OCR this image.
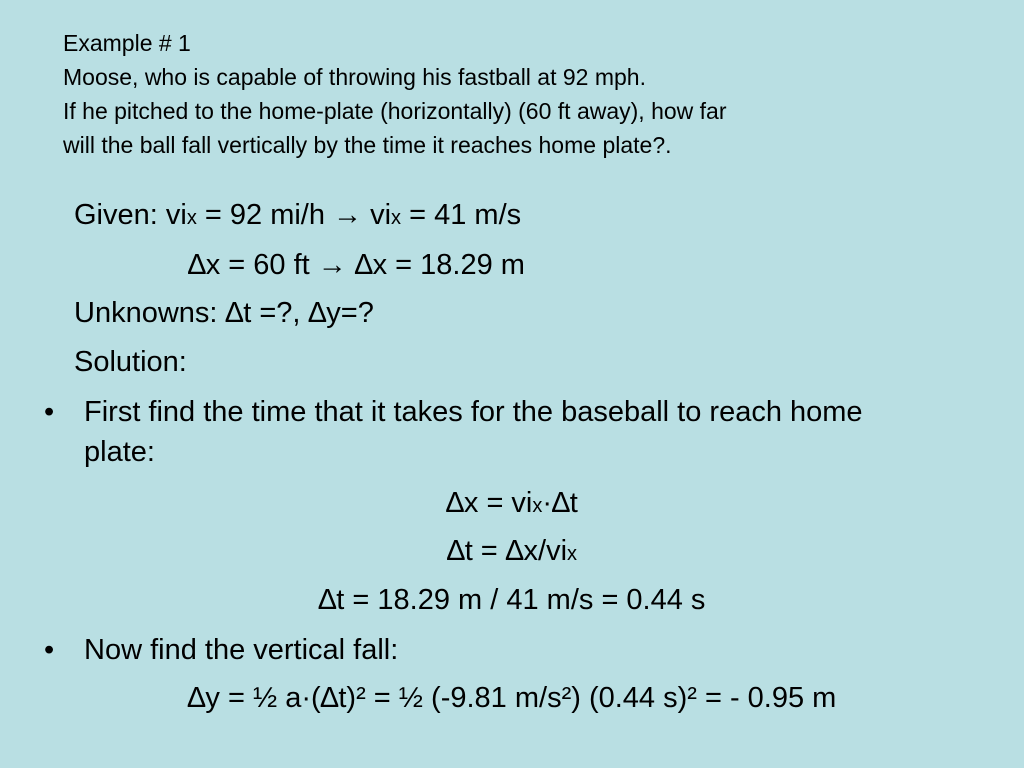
Example # 1
Moose, who is capable of throwing his fastball at 92 mph.
If he pitched to the home-plate (horizontally) (60 ft away), how far
will the ball fall vertically by the time it reaches home plate?.
Given: vix = 92 mi/h → vix = 41 m/s
∆x = 60 ft → ∆x = 18.29 m
Unknowns: ∆t =?, ∆y=?
Solution:
• First find the time that it takes for the baseball to reach home plate:
∆x = vix·∆t
∆t = ∆x/vix
∆t = 18.29 m / 41 m/s = 0.44 s
• Now find the vertical fall:
∆y = ½ a·(∆t)² = ½ (-9.81 m/s²) (0.44 s)² = - 0.95 m
